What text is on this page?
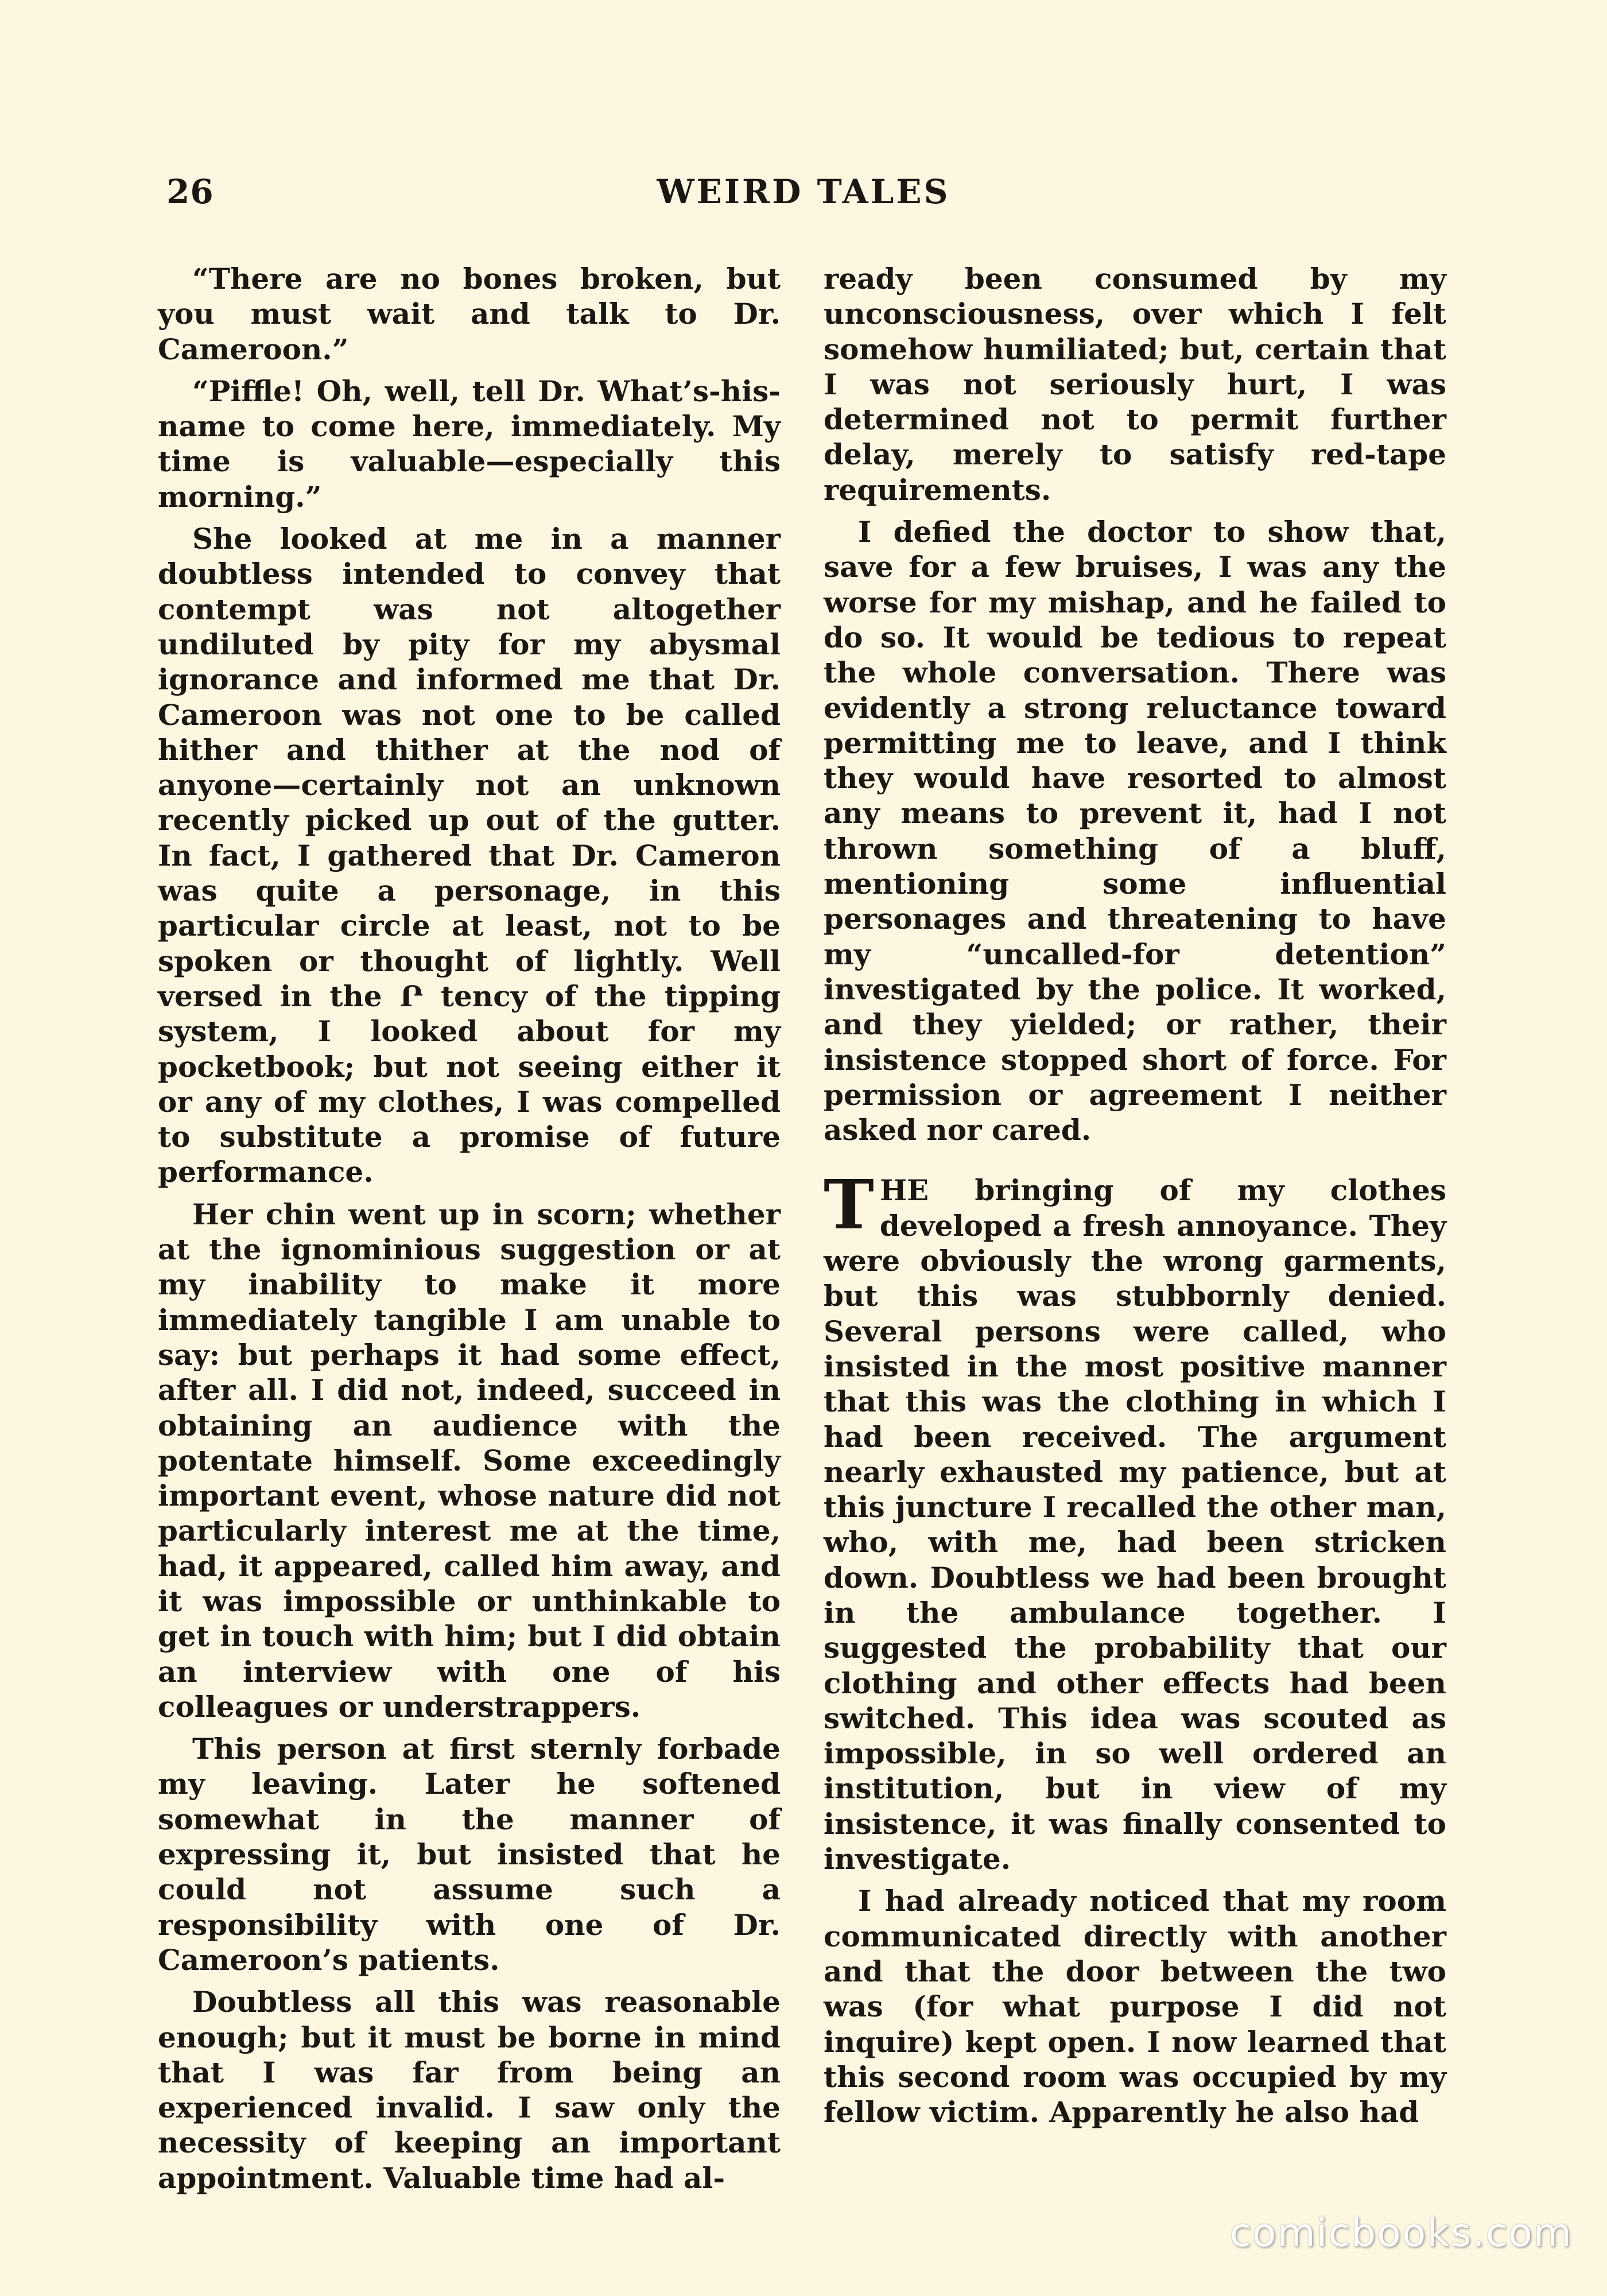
26	WEIRD TALES

“There are no bones broken, but you must wait and talk to Dr. Cameroon.”

“Piffle! Oh, well, tell Dr. What’s-his-name to come here, immediately. My time is valuable—especially this morning.”

She looked at me in a manner doubtless intended to convey that contempt was not altogether undiluted by pity for my abysmal ignorance and informed me that Dr. Cameroon was not one to be called hither and thither at the nod of anyone—certainly not an unknown recently picked up out of the gutter. In fact, I gathered that Dr. Cameron was quite a personage, in this particular circle at least, not to be spoken or thought of lightly. Well versed in the Ր tency of the tipping system, I looked about for my pocketbook; but not seeing either it or any of my clothes, I was compelled to substitute a promise of future performance.

Her chin went up in scorn; whether at the ignominious suggestion or at my inability to make it more immediately tangible I am unable to say: but perhaps it had some effect, after all. I did not, indeed, succeed in obtaining an audience with the potentate himself. Some exceedingly important event, whose nature did not particularly interest me at the time, had, it appeared, called him away, and it was impossible or unthinkable to get in touch with him; but I did obtain an interview with one of his colleagues or understrappers.

This person at first sternly forbade my leaving. Later he softened somewhat in the manner of expressing it, but insisted that he could not assume such a responsibility with one of Dr. Cameroon’s patients.

Doubtless all this was reasonable enough; but it must be borne in mind that I was far from being an experienced invalid. I saw only the necessity of keeping an important appointment. Valuable time had al-

ready been consumed by my unconsciousness, over which I felt somehow humiliated; but, certain that I was not seriously hurt, I was determined not to permit further delay, merely to satisfy red-tape requirements.

I defied the doctor to show that, save for a few bruises, I was any the worse for my mishap, and he failed to do so. It would be tedious to repeat the whole conversation. There was evidently a strong reluctance toward permitting me to leave, and I think they would have resorted to almost any means to prevent it, had I not thrown something of a bluff, mentioning some influential personages and threatening to have my “uncalled-for detention” investigated by the police. It worked, and they yielded; or rather, their insistence stopped short of force. For permission or agreement I neither asked nor cared.

THE bringing of my clothes developed a fresh annoyance. They were obviously the wrong garments, but this was stubbornly denied. Several persons were called, who insisted in the most positive manner that this was the clothing in which I had been received. The argument nearly exhausted my patience, but at this juncture I recalled the other man, who, with me, had been stricken down. Doubtless we had been brought in the ambulance together. I suggested the probability that our clothing and other effects had been switched. This idea was scouted as impossible, in so well ordered an institution, but in view of my insistence, it was finally consented to investigate.

I had already noticed that my room communicated directly with another and that the door between the two was (for what purpose I did not inquire) kept open. I now learned that this second room was occupied by my fellow victim. Apparently he also had

comicbooks.com
